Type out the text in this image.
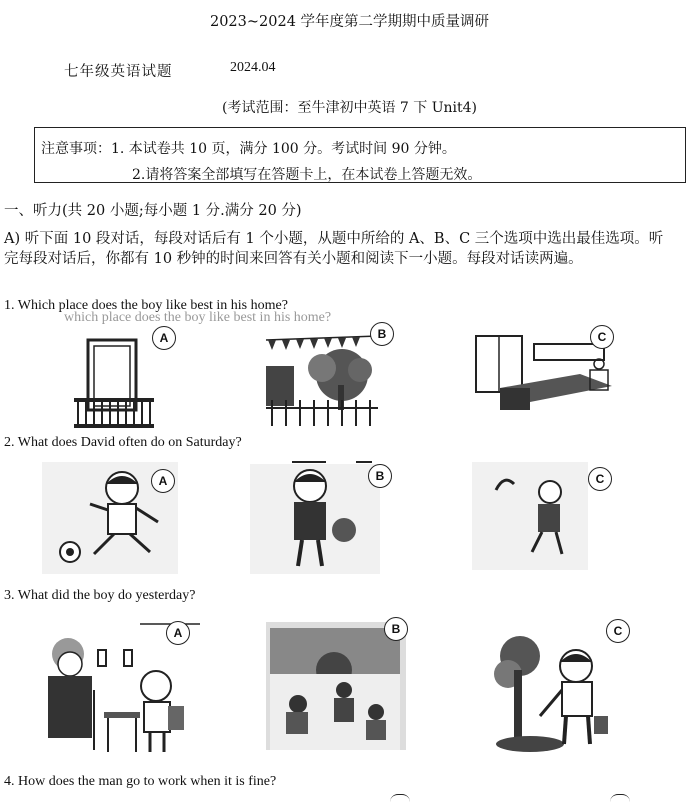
2023~2024 学年度第二学期期中质量调研
七年级英语试题	2024.04
(考试范围：至牛津初中英语 7 下 Unit4)
注意事项：1. 本试卷共 10 页，满分 100 分。考试时间 90 分钟。
2.请将答案全部填写在答题卡上，在本试卷上答题无效。
一、听力(共 20 小题;每小题 1 分.满分 20 分)
A) 听下面 10 段对话，每段对话后有 1 个小题，从题中所给的 A、B、C 三个选项中选出最佳选项。听完每段对话后，你都有 10 秒钟的时间来回答有关小题和阅读下一小题。每段对话读两遍。
1. Which place does the boy like best in his home?
which place does the boy like best in his home?
A	B	C
2. What does David often do on Saturday?
A	B	C
3. What did the boy do yesterday?
A	B	C
4. How does the man go to work when it is fine?
